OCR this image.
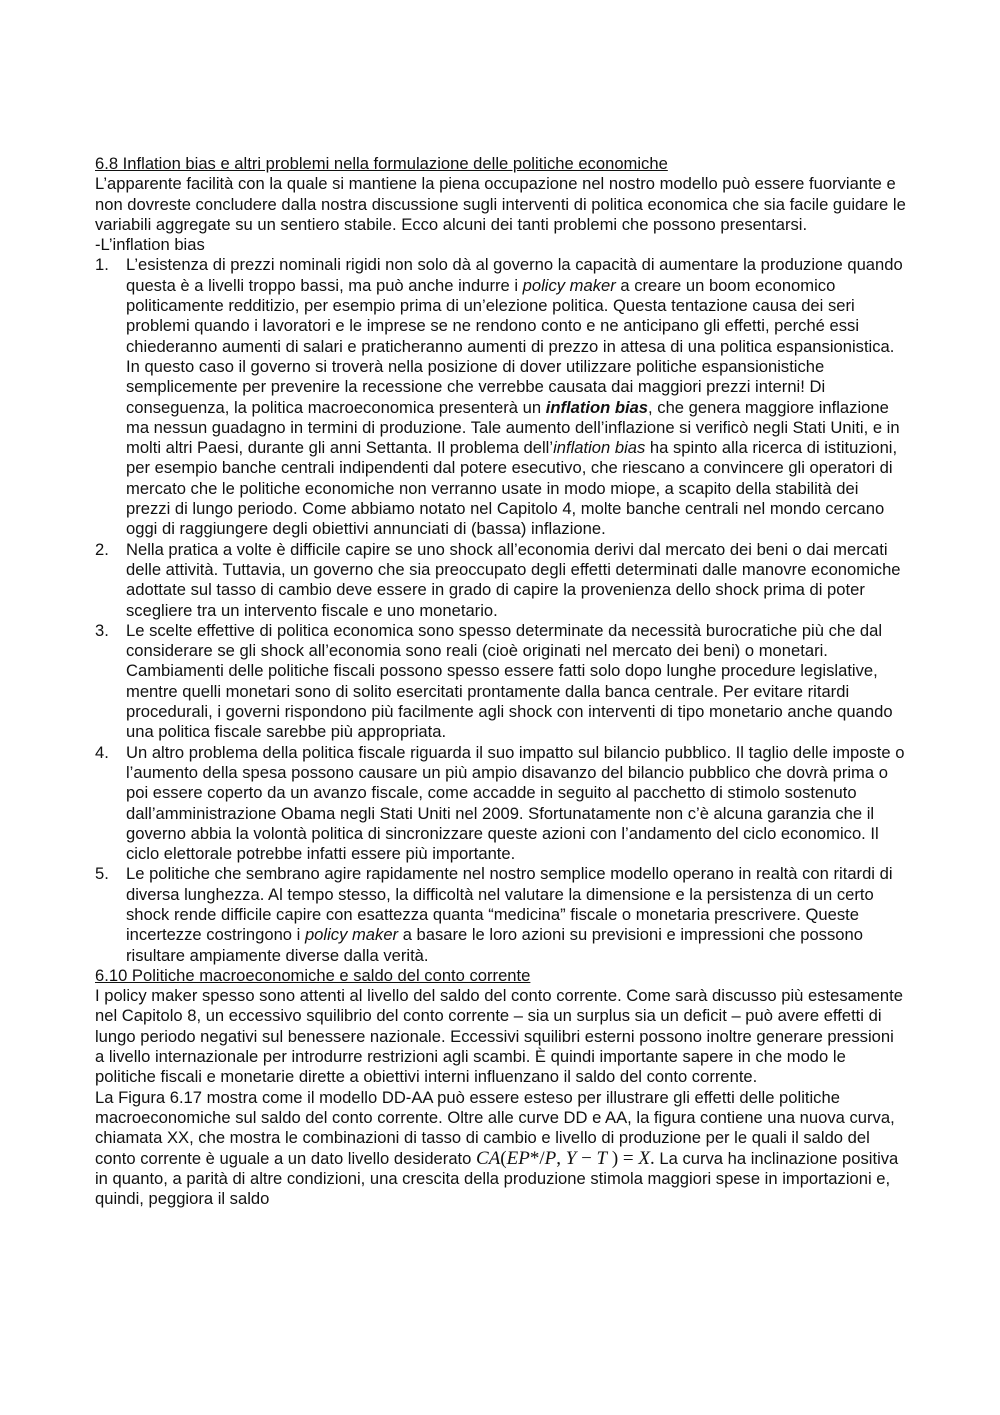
6.8 Inflation bias e altri problemi nella formulazione delle politiche economiche

L’apparente facilità con la quale si mantiene la piena occupazione nel nostro modello può essere fuorviante e non dovreste concludere dalla nostra discussione sugli interventi di politica economica che sia facile guidare le variabili aggregate su un sentiero stabile. Ecco alcuni dei tanti problemi che possono presentarsi.

-L’inflation bias

1. L’esistenza di prezzi nominali rigidi non solo dà al governo la capacità di aumentare la produzione quando questa è a livelli troppo bassi, ma può anche indurre i policy maker a creare un boom economico politicamente redditizio, per esempio prima di un’elezione politica. Questa tentazione causa dei seri problemi quando i lavoratori e le imprese se ne rendono conto e ne anticipano gli effetti, perché essi chiederanno aumenti di salari e praticheranno aumenti di prezzo in attesa di una politica espansionistica. In questo caso il governo si troverà nella posizione di dover utilizzare politiche espansionistiche semplicemente per prevenire la recessione che verrebbe causata dai maggiori prezzi interni! Di conseguenza, la politica macroeconomica presenterà un inflation bias, che genera maggiore inflazione ma nessun guadagno in termini di produzione. Tale aumento dell’inflazione si verificò negli Stati Uniti, e in molti altri Paesi, durante gli anni Settanta. Il problema dell’inflation bias ha spinto alla ricerca di istituzioni, per esempio banche centrali indipendenti dal potere esecutivo, che riescano a convincere gli operatori di mercato che le politiche economiche non verranno usate in modo miope, a scapito della stabilità dei prezzi di lungo periodo. Come abbiamo notato nel Capitolo 4, molte banche centrali nel mondo cercano oggi di raggiungere degli obiettivi annunciati di (bassa) inflazione.
2. Nella pratica a volte è difficile capire se uno shock all’economia derivi dal mercato dei beni o dai mercati delle attività. Tuttavia, un governo che sia preoccupato degli effetti determinati dalle manovre economiche adottate sul tasso di cambio deve essere in grado di capire la provenienza dello shock prima di poter scegliere tra un intervento fiscale e uno monetario.
3. Le scelte effettive di politica economica sono spesso determinate da necessità burocratiche più che dal considerare se gli shock all’economia sono reali (cioè originati nel mercato dei beni) o monetari. Cambiamenti delle politiche fiscali possono spesso essere fatti solo dopo lunghe procedure legislative, mentre quelli monetari sono di solito esercitati prontamente dalla banca centrale. Per evitare ritardi procedurali, i governi rispondono più facilmente agli shock con interventi di tipo monetario anche quando una politica fiscale sarebbe più appropriata.
4. Un altro problema della politica fiscale riguarda il suo impatto sul bilancio pubblico. Il taglio delle imposte o l’aumento della spesa possono causare un più ampio disavanzo del bilancio pubblico che dovrà prima o poi essere coperto da un avanzo fiscale, come accadde in seguito al pacchetto di stimolo sostenuto dall’amministrazione Obama negli Stati Uniti nel 2009. Sfortunatamente non c’è alcuna garanzia che il governo abbia la volontà politica di sincronizzare queste azioni con l’andamento del ciclo economico. Il ciclo elettorale potrebbe infatti essere più importante.
5. Le politiche che sembrano agire rapidamente nel nostro semplice modello operano in realtà con ritardi di diversa lunghezza. Al tempo stesso, la difficoltà nel valutare la dimensione e la persistenza di un certo shock rende difficile capire con esattezza quanta “medicina” fiscale o monetaria prescrivere. Queste incertezze costringono i policy maker a basare le loro azioni su previsioni e impressioni che possono risultare ampiamente diverse dalla verità.

6.10 Politiche macroeconomiche e saldo del conto corrente

I policy maker spesso sono attenti al livello del saldo del conto corrente. Come sarà discusso più estesamente nel Capitolo 8, un eccessivo squilibrio del conto corrente – sia un surplus sia un deficit – può avere effetti di lungo periodo negativi sul benessere nazionale. Eccessivi squilibri esterni possono inoltre generare pressioni a livello internazionale per introdurre restrizioni agli scambi. È quindi importante sapere in che modo le politiche fiscali e monetarie dirette a obiettivi interni influenzano il saldo del conto corrente.

La Figura 6.17 mostra come il modello DD-AA può essere esteso per illustrare gli effetti delle politiche macroeconomiche sul saldo del conto corrente. Oltre alle curve DD e AA, la figura contiene una nuova curva, chiamata XX, che mostra le combinazioni di tasso di cambio e livello di produzione per le quali il saldo del conto corrente è uguale a un dato livello desiderato CA(EP*/P, Y − T ) = X. La curva ha inclinazione positiva in quanto, a parità di altre condizioni, una crescita della produzione stimola maggiori spese in importazioni e, quindi, peggiora il saldo
